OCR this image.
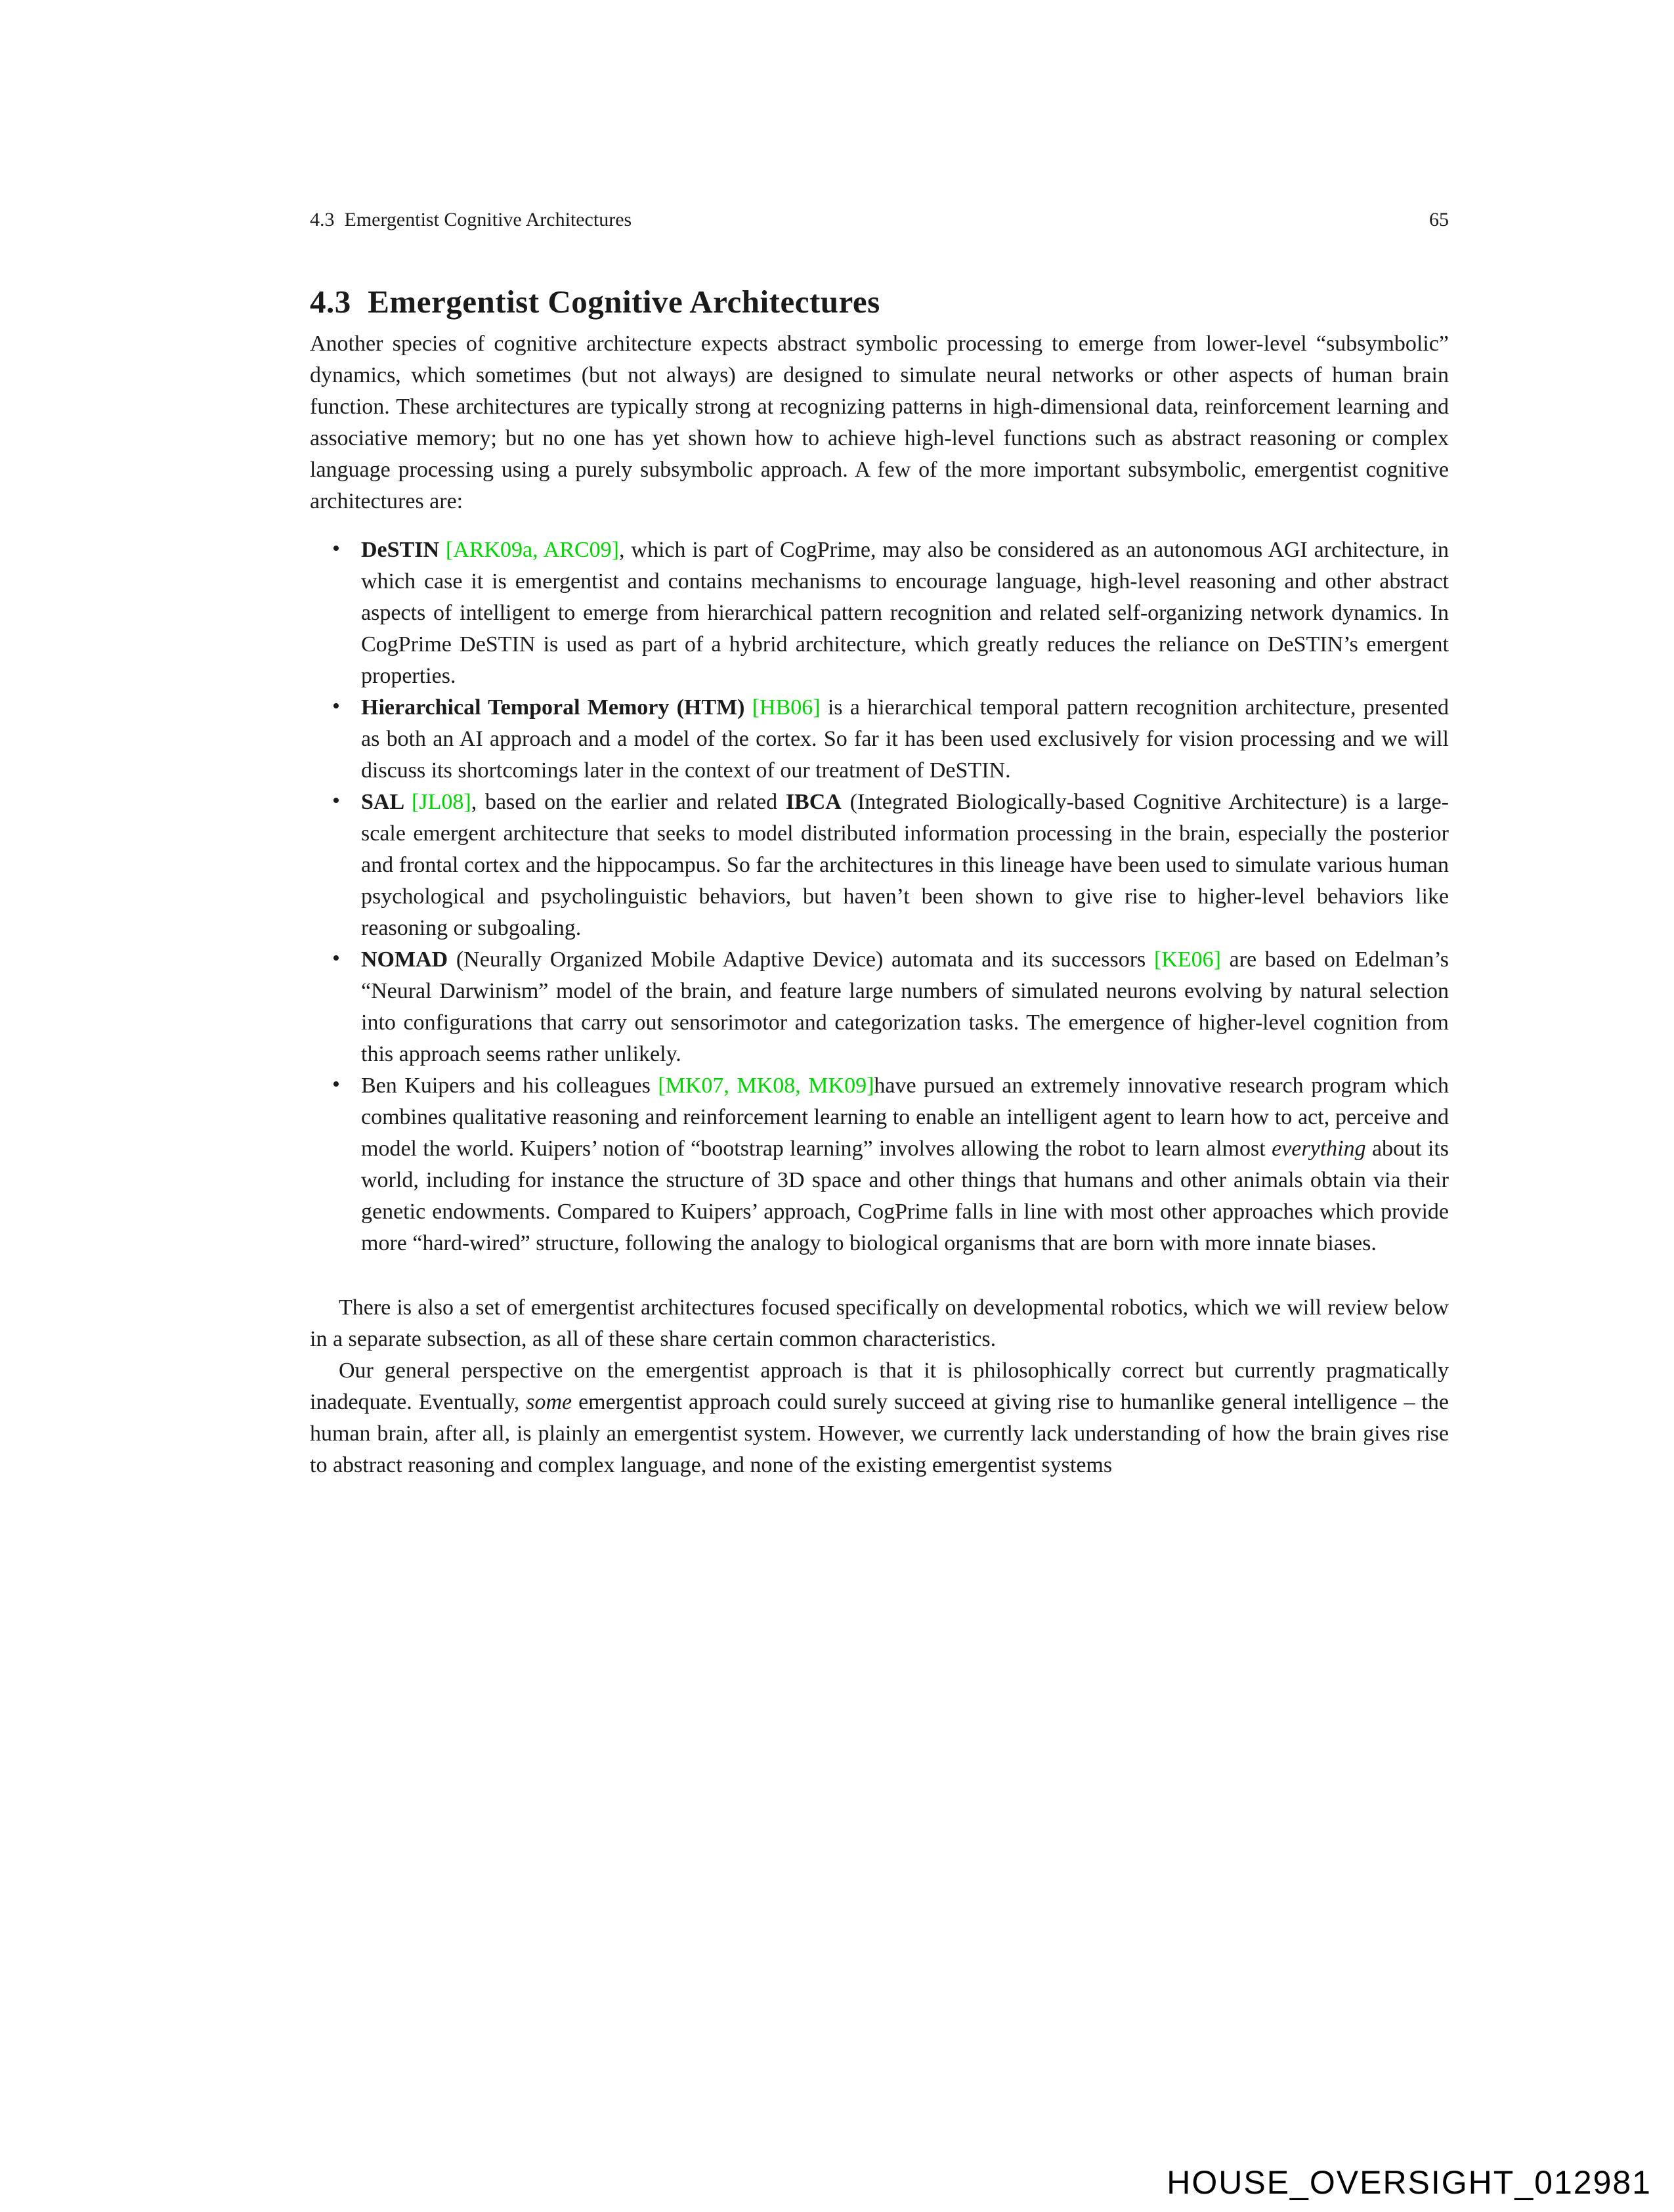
4.3  Emergentist Cognitive Architectures	65
4.3  Emergentist Cognitive Architectures

Another species of cognitive architecture expects abstract symbolic processing to emerge from lower-level “subsymbolic” dynamics, which sometimes (but not always) are designed to simulate neural networks or other aspects of human brain function. These architectures are typically strong at recognizing patterns in high-dimensional data, reinforcement learning and associative memory; but no one has yet shown how to achieve high-level functions such as abstract reasoning or complex language processing using a purely subsymbolic approach. A few of the more important subsymbolic, emergentist cognitive architectures are:

• DeSTIN [ARK09a, ARC09], which is part of CogPrime, may also be considered as an autonomous AGI architecture, in which case it is emergentist and contains mechanisms to encourage language, high-level reasoning and other abstract aspects of intelligent to emerge from hierarchical pattern recognition and related self-organizing network dynamics. In CogPrime DeSTIN is used as part of a hybrid architecture, which greatly reduces the reliance on DeSTIN’s emergent properties.
• Hierarchical Temporal Memory (HTM) [HB06] is a hierarchical temporal pattern recognition architecture, presented as both an AI approach and a model of the cortex. So far it has been used exclusively for vision processing and we will discuss its shortcomings later in the context of our treatment of DeSTIN.
• SAL [JL08], based on the earlier and related IBCA (Integrated Biologically-based Cognitive Architecture) is a large-scale emergent architecture that seeks to model distributed information processing in the brain, especially the posterior and frontal cortex and the hippocampus. So far the architectures in this lineage have been used to simulate various human psychological and psycholinguistic behaviors, but haven’t been shown to give rise to higher-level behaviors like reasoning or subgoaling.
• NOMAD (Neurally Organized Mobile Adaptive Device) automata and its successors [KE06] are based on Edelman’s “Neural Darwinism” model of the brain, and feature large numbers of simulated neurons evolving by natural selection into configurations that carry out sensorimotor and categorization tasks. The emergence of higher-level cognition from this approach seems rather unlikely.
• Ben Kuipers and his colleagues [MK07, MK08, MK09]have pursued an extremely innovative research program which combines qualitative reasoning and reinforcement learning to enable an intelligent agent to learn how to act, perceive and model the world. Kuipers’ notion of “bootstrap learning” involves allowing the robot to learn almost everything about its world, including for instance the structure of 3D space and other things that humans and other animals obtain via their genetic endowments. Compared to Kuipers’ approach, CogPrime falls in line with most other approaches which provide more “hard-wired” structure, following the analogy to biological organisms that are born with more innate biases.

There is also a set of emergentist architectures focused specifically on developmental robotics, which we will review below in a separate subsection, as all of these share certain common characteristics.

Our general perspective on the emergentist approach is that it is philosophically correct but currently pragmatically inadequate. Eventually, some emergentist approach could surely succeed at giving rise to humanlike general intelligence – the human brain, after all, is plainly an emergentist system. However, we currently lack understanding of how the brain gives rise to abstract reasoning and complex language, and none of the existing emergentist systems

HOUSE_OVERSIGHT_012981
